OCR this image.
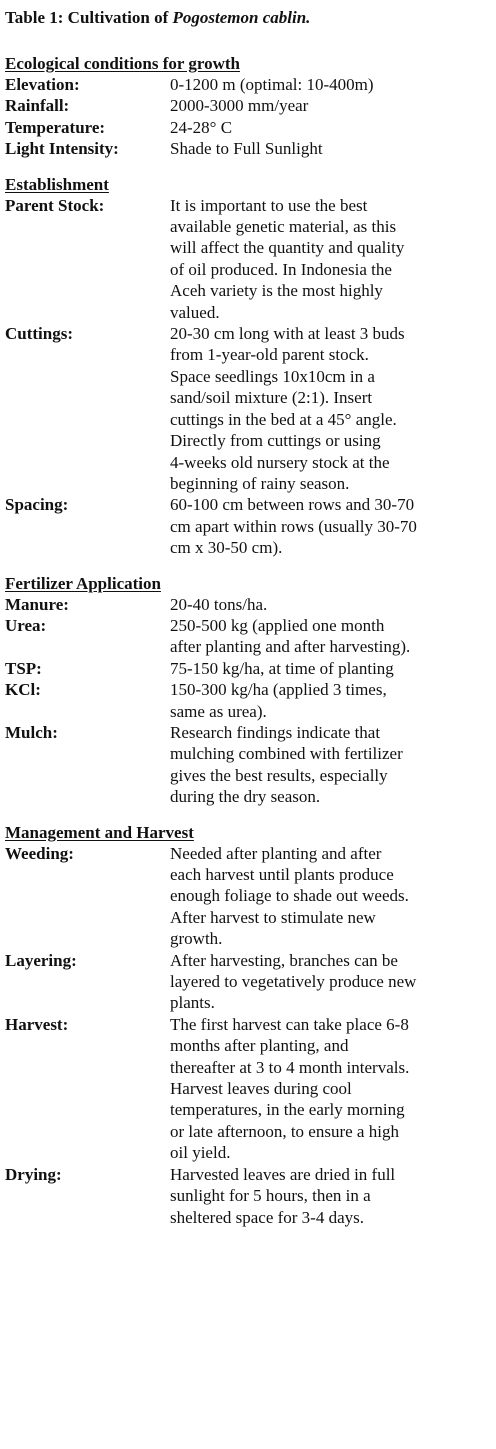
Table 1: Cultivation of Pogostemon cablin.
Ecological conditions for growth
Elevation:	0-1200 m (optimal: 10-400m)
Rainfall:	2000-3000 mm/year
Temperature:	24-28° C
Light Intensity:	Shade to Full Sunlight
Establishment
Parent Stock:	It is important to use the best
available genetic material, as this
will affect the quantity and quality
of oil produced. In Indonesia the
Aceh variety is the most highly
valued.
Cuttings:	20-30 cm long with at least 3 buds
from 1-year-old parent stock.
Space seedlings 10x10cm in a
sand/soil mixture (2:1). Insert
cuttings in the bed at a 45° angle.
Directly from cuttings or using
4-weeks old nursery stock at the
beginning of rainy season.
Spacing:	60-100 cm between rows and 30-70
cm apart within rows (usually 30-70
cm x 30-50 cm).
Fertilizer Application
Manure:	20-40 tons/ha.
Urea:	250-500 kg (applied one month
after planting and after harvesting).
TSP:	75-150 kg/ha, at time of planting
KCl:	150-300 kg/ha (applied 3 times,
same as urea).
Mulch:	Research findings indicate that
mulching combined with fertilizer
gives the best results, especially
during the dry season.
Management and Harvest
Weeding:	Needed after planting and after
each harvest until plants produce
enough foliage to shade out weeds.
After harvest to stimulate new
growth.
Layering:	After harvesting, branches can be
layered to vegetatively produce new
plants.
Harvest:	The first harvest can take place 6-8
months after planting, and
thereafter at 3 to 4 month intervals.
Harvest leaves during cool
temperatures, in the early morning
or late afternoon, to ensure a high
oil yield.
Drying:	Harvested leaves are dried in full
sunlight for 5 hours, then in a
sheltered space for 3-4 days.
